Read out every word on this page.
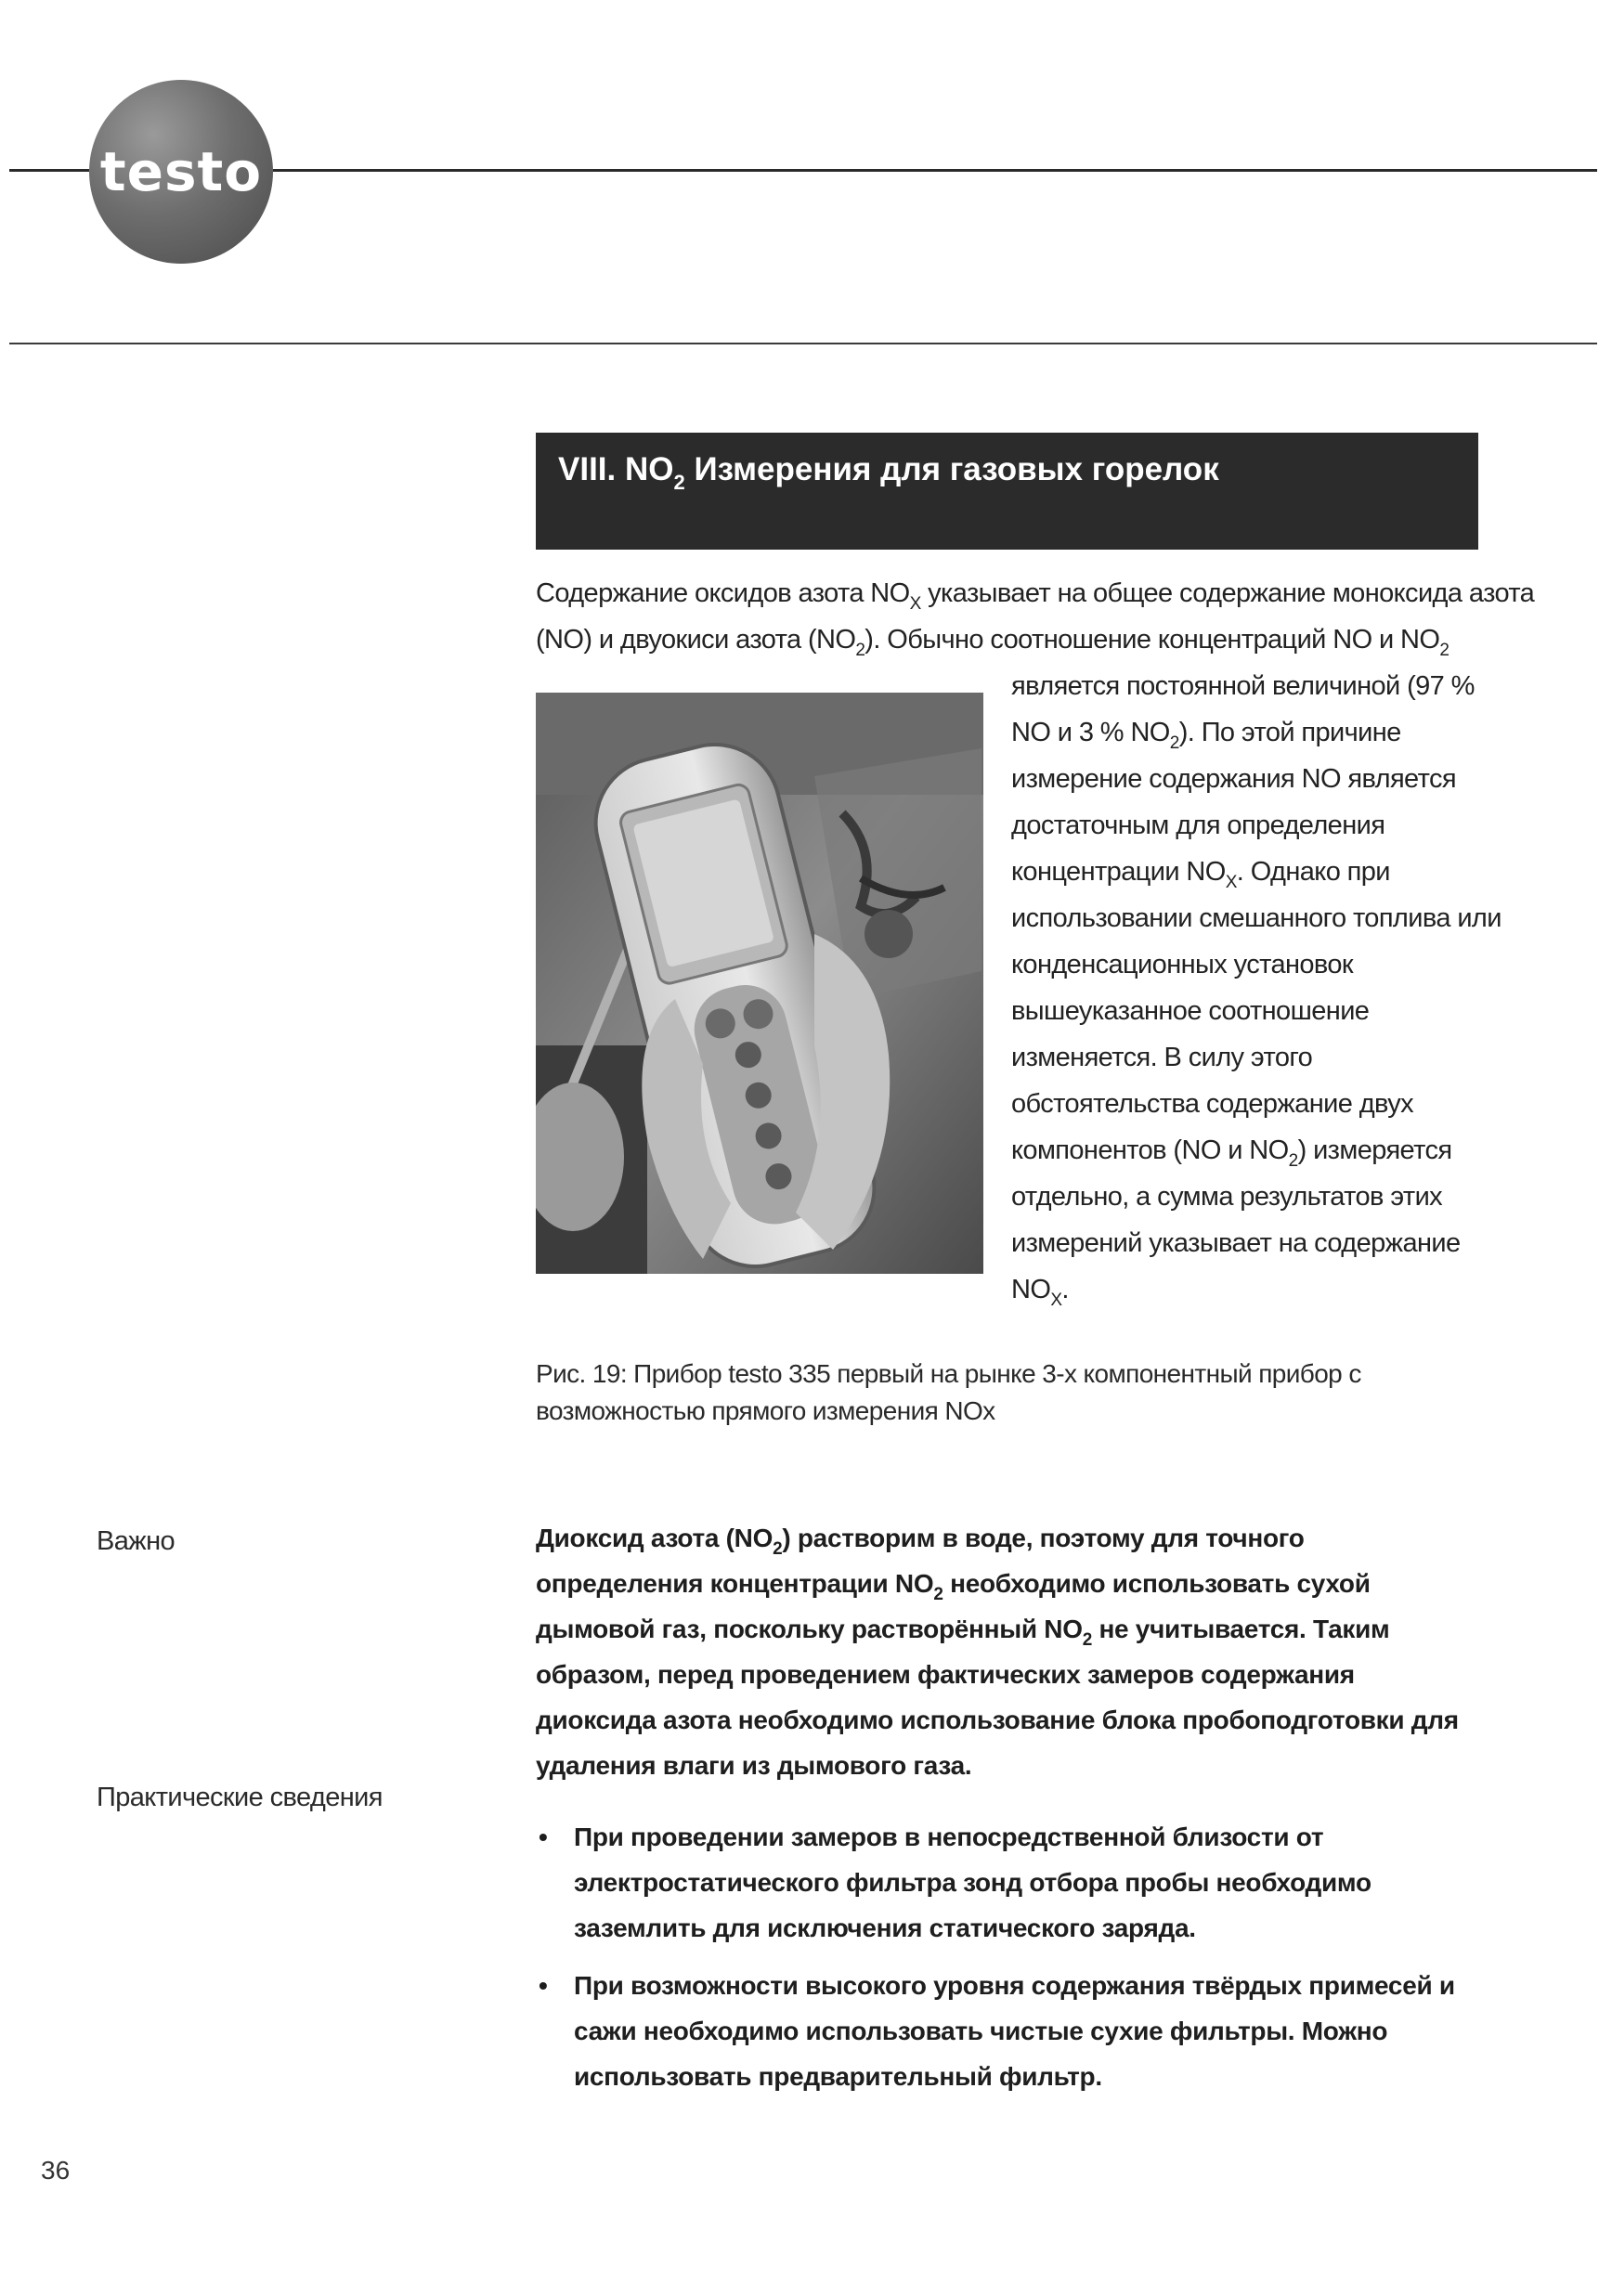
testo
VIII. $NO_2$ Измерения для газовых горелок
Содержание оксидов азота $NO_X$ указывает на общее содержание моноксида азота
(NO) и двуокиси азота $(NO_2)$. Обычно соотношение концентраций NO и $NO_2$
является постоянной величиной (97 %
NO и 3 % $NO_2$). По этой причине
измерение содержания NO является
достаточным для определения
концентрации $NO_X$. Однако при
использовании смешанного топлива или
конденсационных установок
вышеуказанное соотношение
изменяется. В силу этого
обстоятельства содержание двух
компонентов (NO и $NO_2$) измеряется
отдельно, а сумма результатов этих
измерений указывает на содержание
$NO_X$.
Рис. 19: Прибор testo 335 первый на рынке 3-х компонентный прибор с
возможностью прямого измерения NOx
Важно
Практические сведения
Диоксид азота $(NO_2)$ растворим в воде, поэтому для точного
определения концентрации $NO_2$ необходимо использовать сухой
дымовой газ, поскольку растворённый $NO_2$ не учитывается. Таким
образом, перед проведением фактических замеров содержания
диоксида азота необходимо использование блока пробоподготовки для
удаления влаги из дымового газа.
• При проведении замеров в непосредственной близости от
электростатического фильтра зонд отбора пробы необходимо
заземлить для исключения статического заряда.
• При возможности высокого уровня содержания твёрдых примесей и
сажи необходимо использовать чистые сухие фильтры. Можно
использовать предварительный фильтр.
36
